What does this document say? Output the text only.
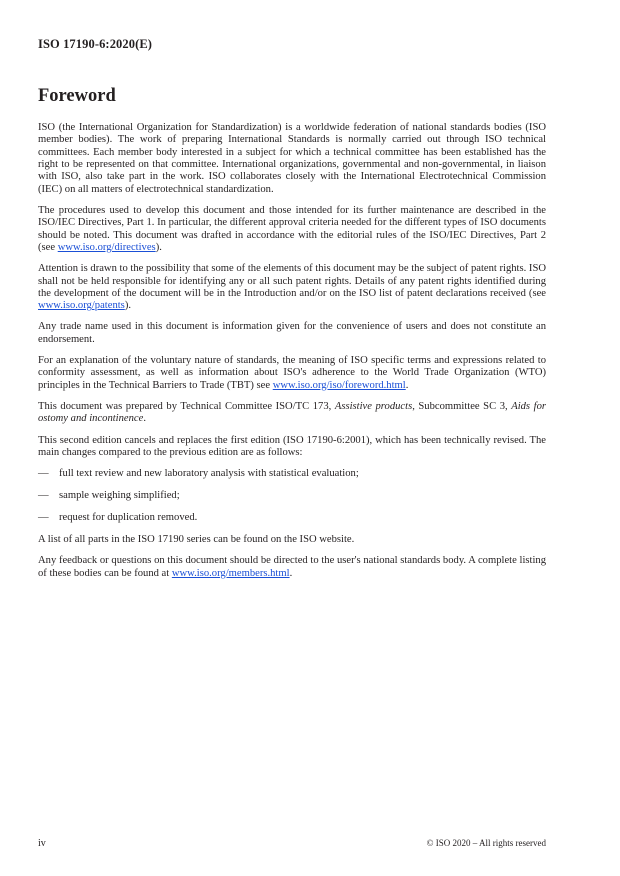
ISO 17190-6:2020(E)
Foreword

ISO (the International Organization for Standardization) is a worldwide federation of national standards bodies (ISO member bodies). The work of preparing International Standards is normally carried out through ISO technical committees. Each member body interested in a subject for which a technical committee has been established has the right to be represented on that committee. International organizations, governmental and non-governmental, in liaison with ISO, also take part in the work. ISO collaborates closely with the International Electrotechnical Commission (IEC) on all matters of electrotechnical standardization.

The procedures used to develop this document and those intended for its further maintenance are described in the ISO/IEC Directives, Part 1. In particular, the different approval criteria needed for the different types of ISO documents should be noted. This document was drafted in accordance with the editorial rules of the ISO/IEC Directives, Part 2 (see www.iso.org/directives).

Attention is drawn to the possibility that some of the elements of this document may be the subject of patent rights. ISO shall not be held responsible for identifying any or all such patent rights. Details of any patent rights identified during the development of the document will be in the Introduction and/or on the ISO list of patent declarations received (see www.iso.org/patents).

Any trade name used in this document is information given for the convenience of users and does not constitute an endorsement.

For an explanation of the voluntary nature of standards, the meaning of ISO specific terms and expressions related to conformity assessment, as well as information about ISO's adherence to the World Trade Organization (WTO) principles in the Technical Barriers to Trade (TBT) see www.iso.org/iso/foreword.html.

This document was prepared by Technical Committee ISO/TC 173, Assistive products, Subcommittee SC 3, Aids for ostomy and incontinence.

This second edition cancels and replaces the first edition (ISO 17190-6:2001), which has been technically revised. The main changes compared to the previous edition are as follows:

— full text review and new laboratory analysis with statistical evaluation;
— sample weighing simplified;
— request for duplication removed.

A list of all parts in the ISO 17190 series can be found on the ISO website.

Any feedback or questions on this document should be directed to the user's national standards body. A complete listing of these bodies can be found at www.iso.org/members.html.

iv	© ISO 2020 – All rights reserved
